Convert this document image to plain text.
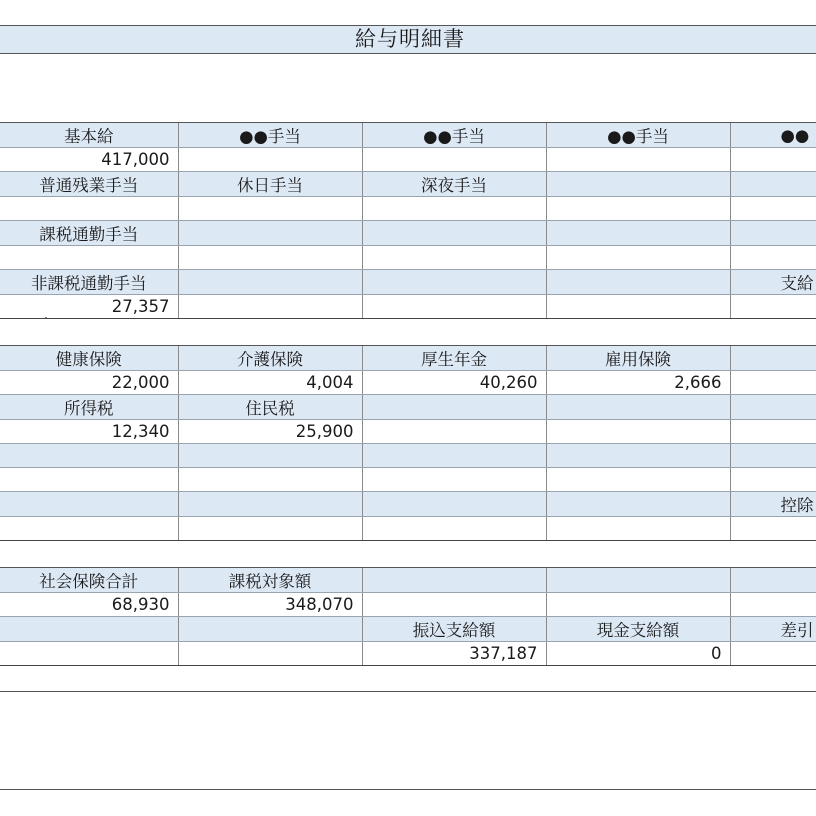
給与明細書
基本給	●●手当	●●手当	●●手当	●●
417,000				
普通残業手当	休日手当	深夜手当		

課税通勤手当				

非課税通勤手当				支給
27,357				
健康保険	介護保険	厚生年金	雇用保険	
22,000	4,004	40,260	2,666	
所得税	住民税			
12,340	25,900			

				控除

社会保険合計	課税対象額			
68,930	348,070			
		振込支給額	現金支給額	差引
		337,187	0	
